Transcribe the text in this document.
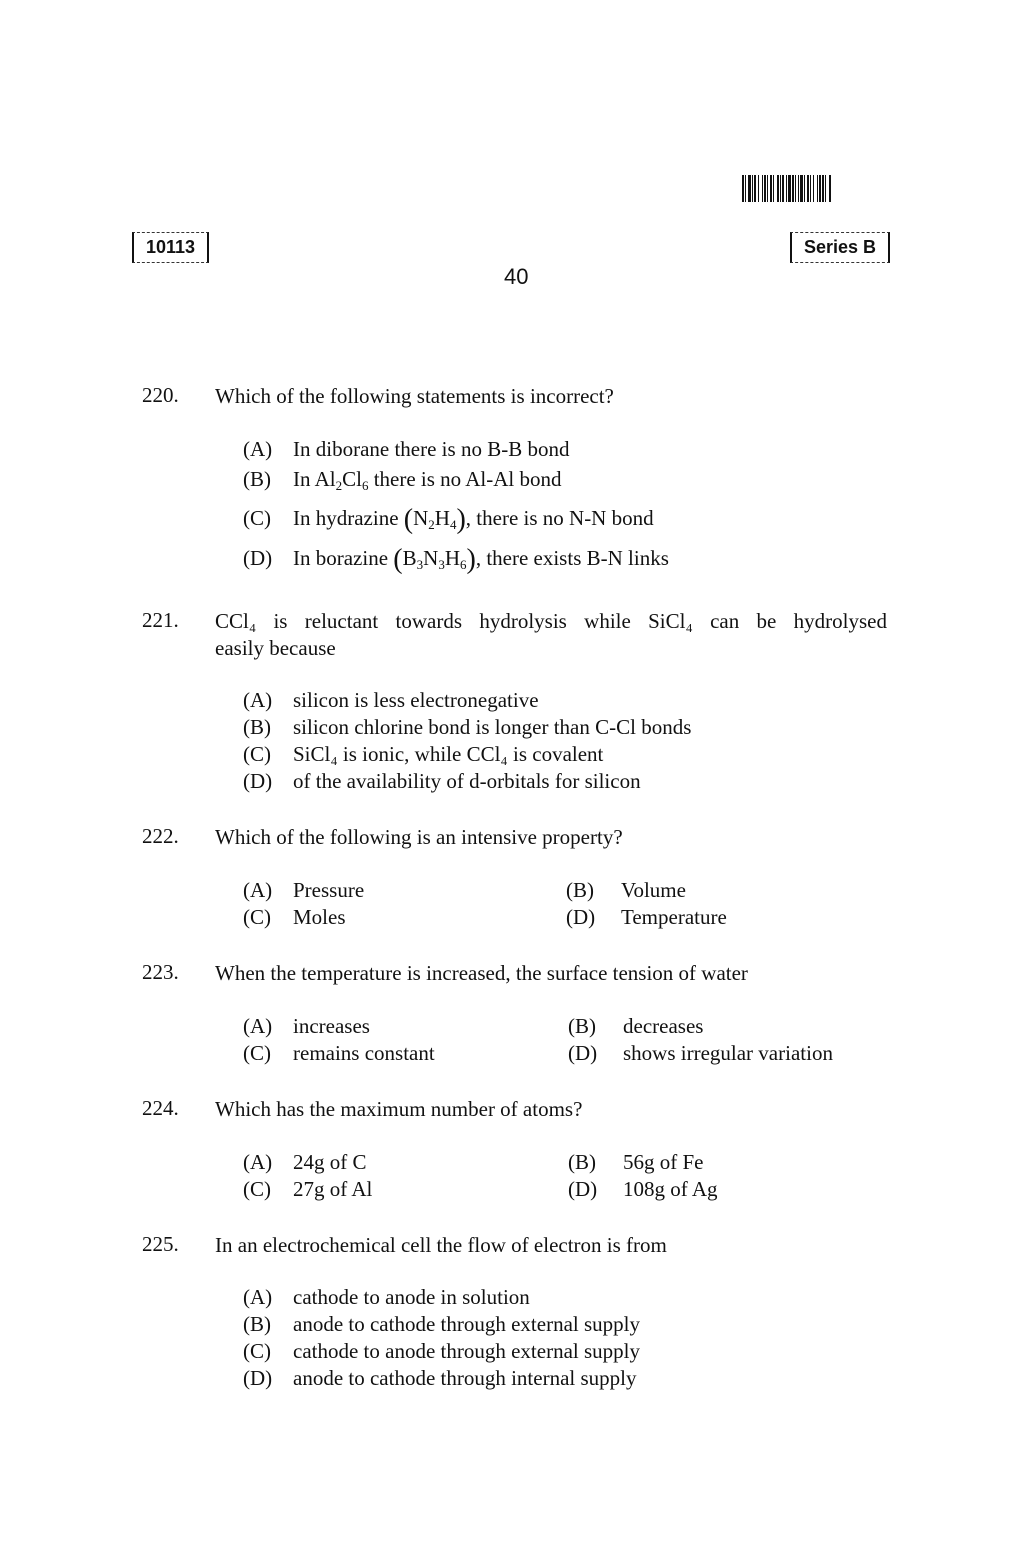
10113	Series B
40
220. Which of the following statements is incorrect?
(A) In diborane there is no B-B bond
(B) In $Al_2Cl_6$ there is no Al-Al bond
(C) In hydrazine $(N_2H_4)$, there is no N-N bond
(D) In borazine $(B_3N_3H_6)$, there exists B-N links
221. CCl₄ is reluctant towards hydrolysis while SiCl₄ can be hydrolysed
easily because
(A) silicon is less electronegative
(B) silicon chlorine bond is longer than C-Cl bonds
(C) SiCl₄ is ionic, while CCl₄ is covalent
(D) of the availability of d-orbitals for silicon
222. Which of the following is an intensive property?
(A) Pressure	(B) Volume
(C) Moles	(D) Temperature
223. When the temperature is increased, the surface tension of water
(A) increases	(B) decreases
(C) remains constant	(D) shows irregular variation
224. Which has the maximum number of atoms?
(A) 24g of C	(B) 56g of Fe
(C) 27g of Al	(D) 108g of Ag
225. In an electrochemical cell the flow of electron is from
(A) cathode to anode in solution
(B) anode to cathode through external supply
(C) cathode to anode through external supply
(D) anode to cathode through internal supply
